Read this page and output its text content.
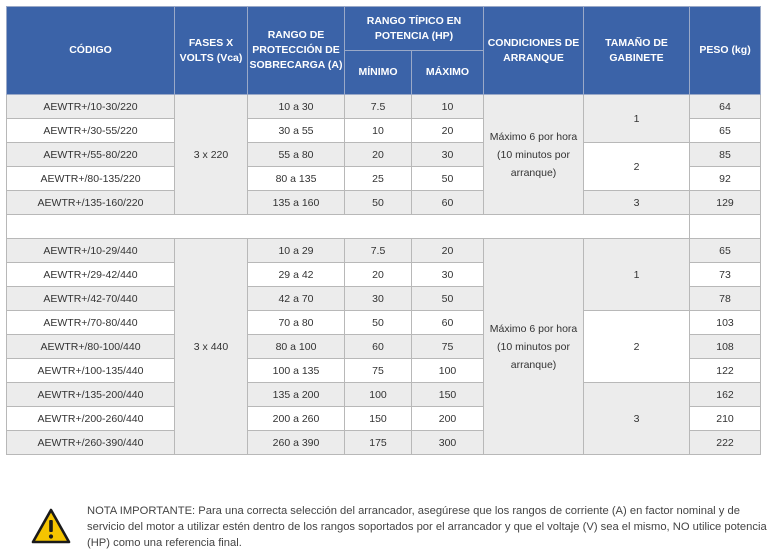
CÓDIGO	FASES X VOLTS (Vca)	RANGO DE PROTECCIÓN DE SOBRECARGA (A)	RANGO TÍPICO EN POTENCIA (HP)		CONDICIONES DE ARRANQUE	TAMAÑO DE GABINETE	PESO (kg)
			MÍNIMO	MÁXIMO			
AEWTR+/10-30/220	3 x 220	10 a 30	7.5	10	Máximo 6 por hora (10 minutos por arranque)	1	64
AEWTR+/30-55/220		30 a 55	10	20			65
AEWTR+/55-80/220		55 a 80	20	30		2	85
AEWTR+/80-135/220		80 a 135	25	50			92
AEWTR+/135-160/220		135 a 160	50	60		3	129

AEWTR+/10-29/440	3 x 440	10 a 29	7.5	20	Máximo 6 por hora (10 minutos por arranque)	1	65
AEWTR+/29-42/440		29 a 42	20	30			73
AEWTR+/42-70/440		42 a 70	30	50			78
AEWTR+/70-80/440		70 a 80	50	60		2	103
AEWTR+/80-100/440		80 a 100	60	75			108
AEWTR+/100-135/440		100 a 135	75	100			122
AEWTR+/135-200/440		135 a 200	100	150		3	162
AEWTR+/200-260/440		200 a 260	150	200			210
AEWTR+/260-390/440		260 a 390	175	300			222
NOTA IMPORTANTE: Para una correcta selección del arrancador, asegúrese que los rangos de corriente (A) en factor nominal y de servicio del motor a utilizar estén dentro de los rangos soportados por el arrancador y que el voltaje (V) sea el mismo, NO utilice potencia (HP) como una referencia final.
